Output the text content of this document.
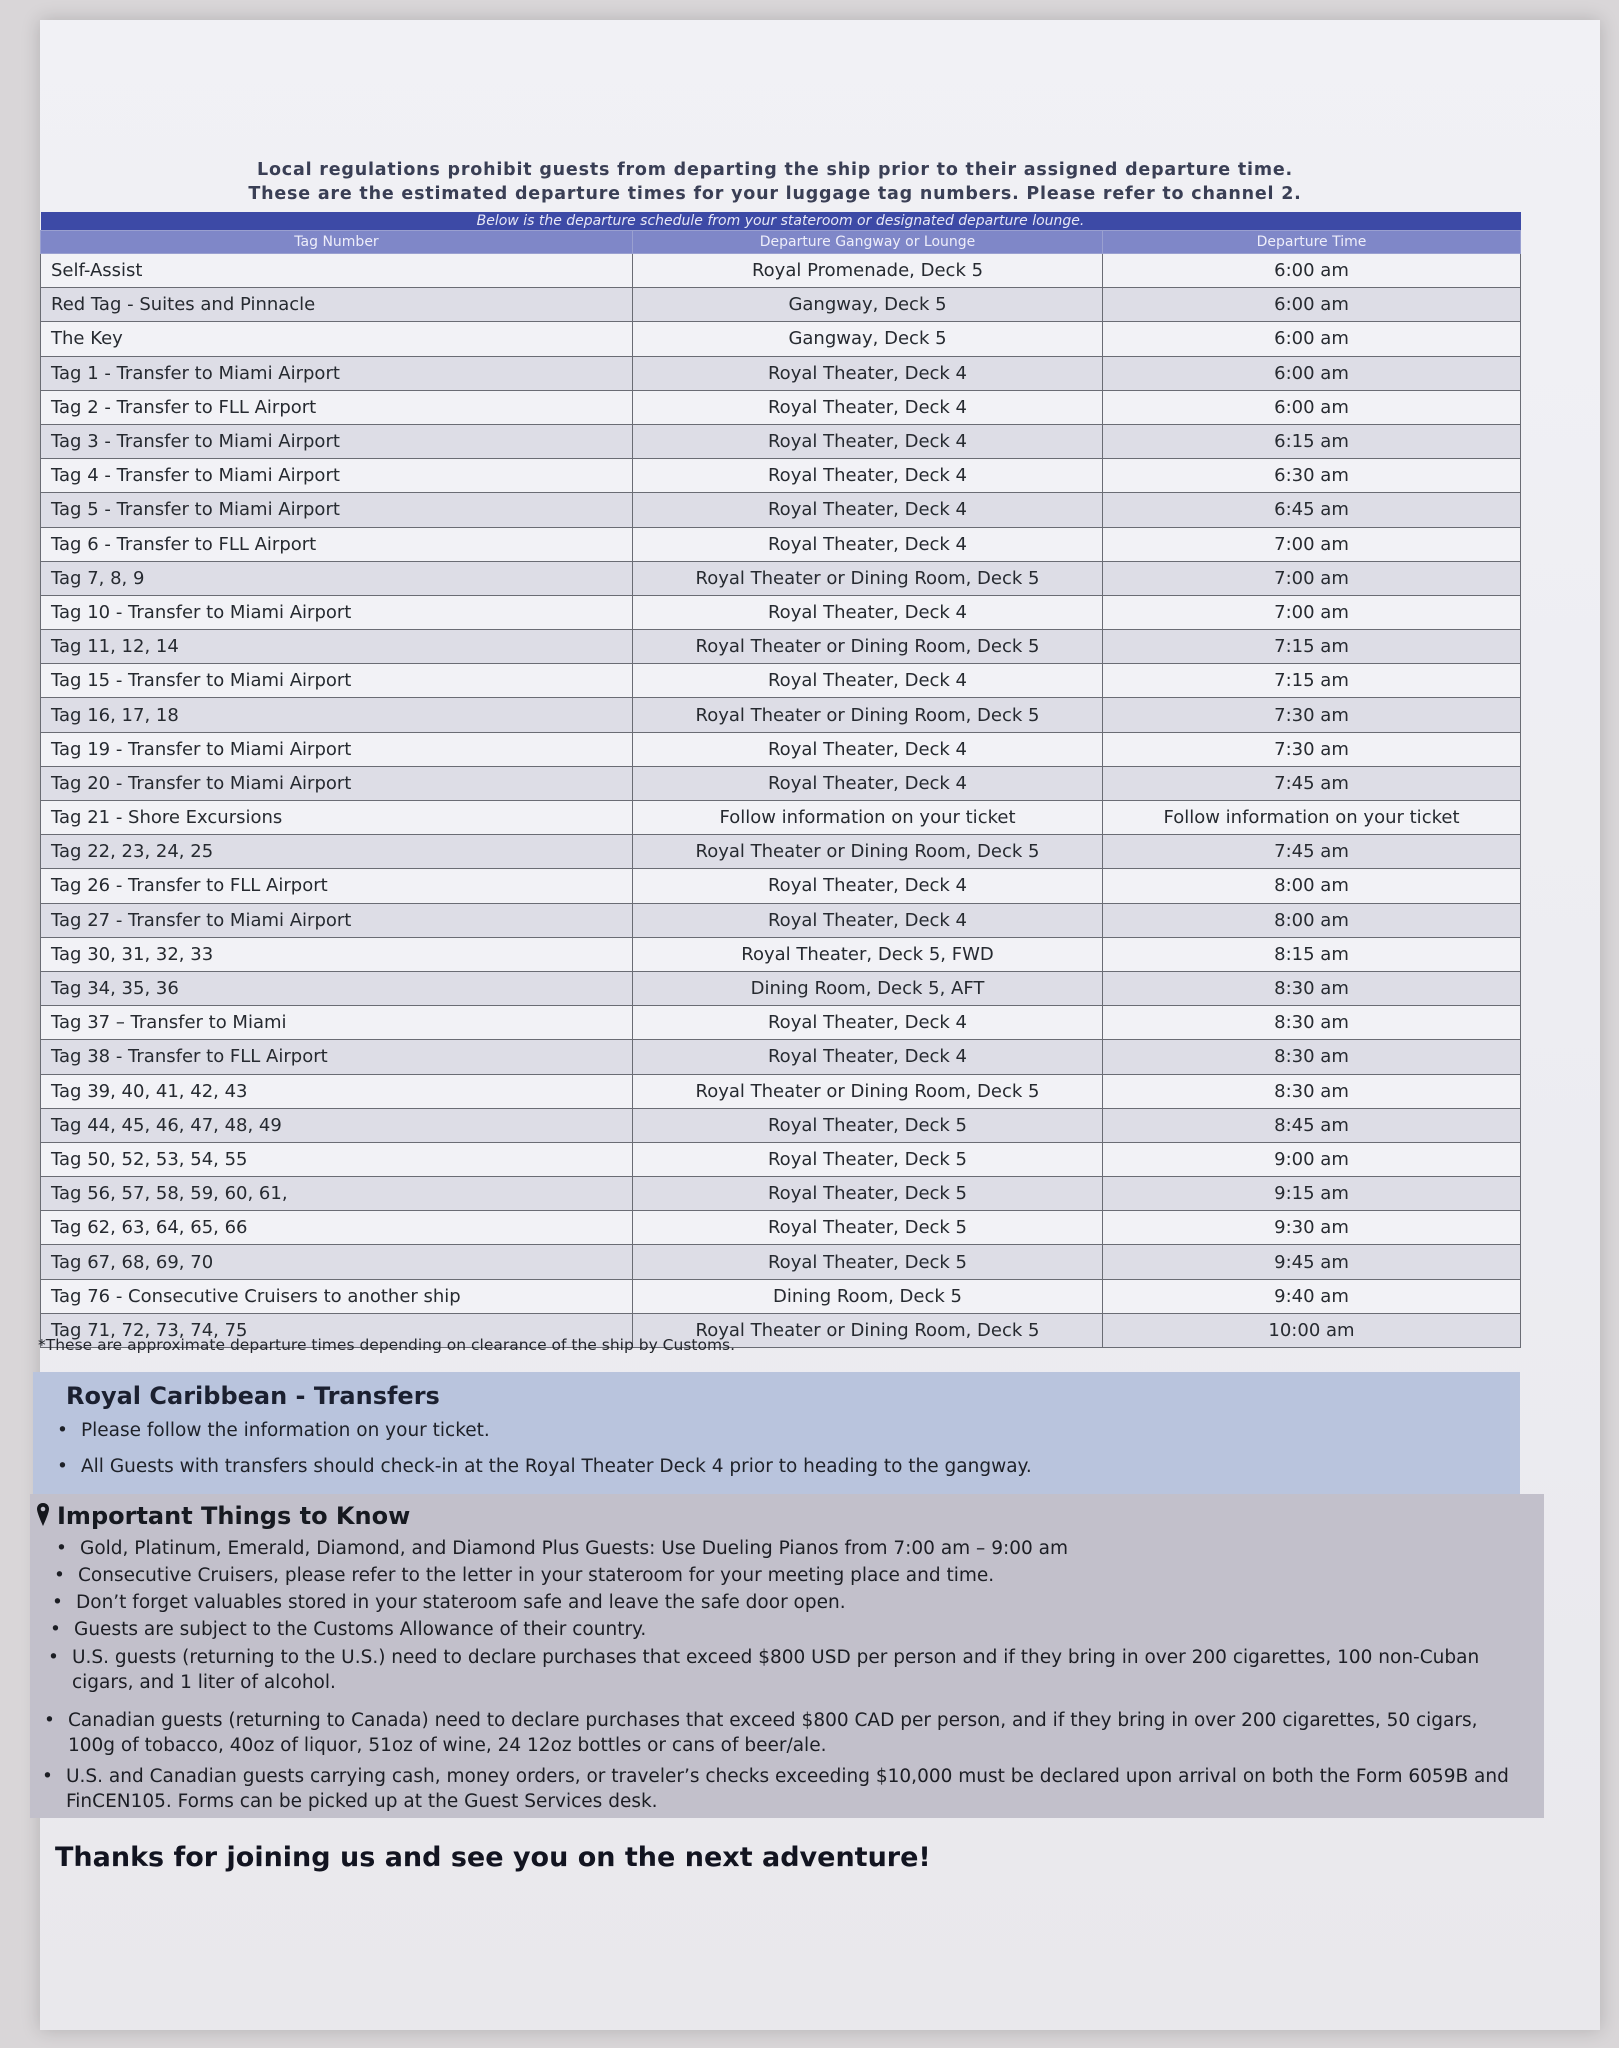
Local regulations prohibit guests from departing the ship prior to their assigned departure time.
These are the estimated departure times for your luggage tag numbers. Please refer to channel 2.
Below is the departure schedule from your stateroom or designated departure lounge.		
Tag Number	Departure Gangway or Lounge	Departure Time
Self-Assist	Royal Promenade, Deck 5	6:00 am
Red Tag - Suites and Pinnacle	Gangway, Deck 5	6:00 am
The Key	Gangway, Deck 5	6:00 am
Tag 1 - Transfer to Miami Airport	Royal Theater, Deck 4	6:00 am
Tag 2 - Transfer to FLL Airport	Royal Theater, Deck 4	6:00 am
Tag 3 - Transfer to Miami Airport	Royal Theater, Deck 4	6:15 am
Tag 4 - Transfer to Miami Airport	Royal Theater, Deck 4	6:30 am
Tag 5 - Transfer to Miami Airport	Royal Theater, Deck 4	6:45 am
Tag 6 - Transfer to FLL Airport	Royal Theater, Deck 4	7:00 am
Tag 7, 8, 9	Royal Theater or Dining Room, Deck 5	7:00 am
Tag 10 - Transfer to Miami Airport	Royal Theater, Deck 4	7:00 am
Tag 11, 12, 14	Royal Theater or Dining Room, Deck 5	7:15 am
Tag 15 - Transfer to Miami Airport	Royal Theater, Deck 4	7:15 am
Tag 16, 17, 18	Royal Theater or Dining Room, Deck 5	7:30 am
Tag 19 - Transfer to Miami Airport	Royal Theater, Deck 4	7:30 am
Tag 20 - Transfer to Miami Airport	Royal Theater, Deck 4	7:45 am
Tag 21 - Shore Excursions	Follow information on your ticket	Follow information on your ticket
Tag 22, 23, 24, 25	Royal Theater or Dining Room, Deck 5	7:45 am
Tag 26 - Transfer to FLL Airport	Royal Theater, Deck 4	8:00 am
Tag 27 - Transfer to Miami Airport	Royal Theater, Deck 4	8:00 am
Tag 30, 31, 32, 33	Royal Theater, Deck 5, FWD	8:15 am
Tag 34, 35, 36	Dining Room, Deck 5, AFT	8:30 am
Tag 37 – Transfer to Miami	Royal Theater, Deck 4	8:30 am
Tag 38 - Transfer to FLL Airport	Royal Theater, Deck 4	8:30 am
Tag 39, 40, 41, 42, 43	Royal Theater or Dining Room, Deck 5	8:30 am
Tag 44, 45, 46, 47, 48, 49	Royal Theater, Deck 5	8:45 am
Tag 50, 52, 53, 54, 55	Royal Theater, Deck 5	9:00 am
Tag 56, 57, 58, 59, 60, 61,	Royal Theater, Deck 5	9:15 am
Tag 62, 63, 64, 65, 66	Royal Theater, Deck 5	9:30 am
Tag 67, 68, 69, 70	Royal Theater, Deck 5	9:45 am
Tag 76 - Consecutive Cruisers to another ship	Dining Room, Deck 5	9:40 am
Tag 71, 72, 73, 74, 75	Royal Theater or Dining Room, Deck 5	10:00 am
*These are approximate departure times depending on clearance of the ship by Customs.
Royal Caribbean - Transfers
• Please follow the information on your ticket.
• All Guests with transfers should check-in at the Royal Theater Deck 4 prior to heading to the gangway.
Important Things to Know
• Gold, Platinum, Emerald, Diamond, and Diamond Plus Guests: Use Dueling Pianos from 7:00 am – 9:00 am
• Consecutive Cruisers, please refer to the letter in your stateroom for your meeting place and time.
• Don’t forget valuables stored in your stateroom safe and leave the safe door open.
• Guests are subject to the Customs Allowance of their country.
• U.S. guests (returning to the U.S.) need to declare purchases that exceed $800 USD per person and if they bring in over 200 cigarettes, 100 non-Cuban cigars, and 1 liter of alcohol.
• Canadian guests (returning to Canada) need to declare purchases that exceed $800 CAD per person, and if they bring in over 200 cigarettes, 50 cigars, 100g of tobacco, 40oz of liquor, 51oz of wine, 24 12oz bottles or cans of beer/ale.
• U.S. and Canadian guests carrying cash, money orders, or traveler’s checks exceeding $10,000 must be declared upon arrival on both the Form 6059B and FinCEN105. Forms can be picked up at the Guest Services desk.
Thanks for joining us and see you on the next adventure!
